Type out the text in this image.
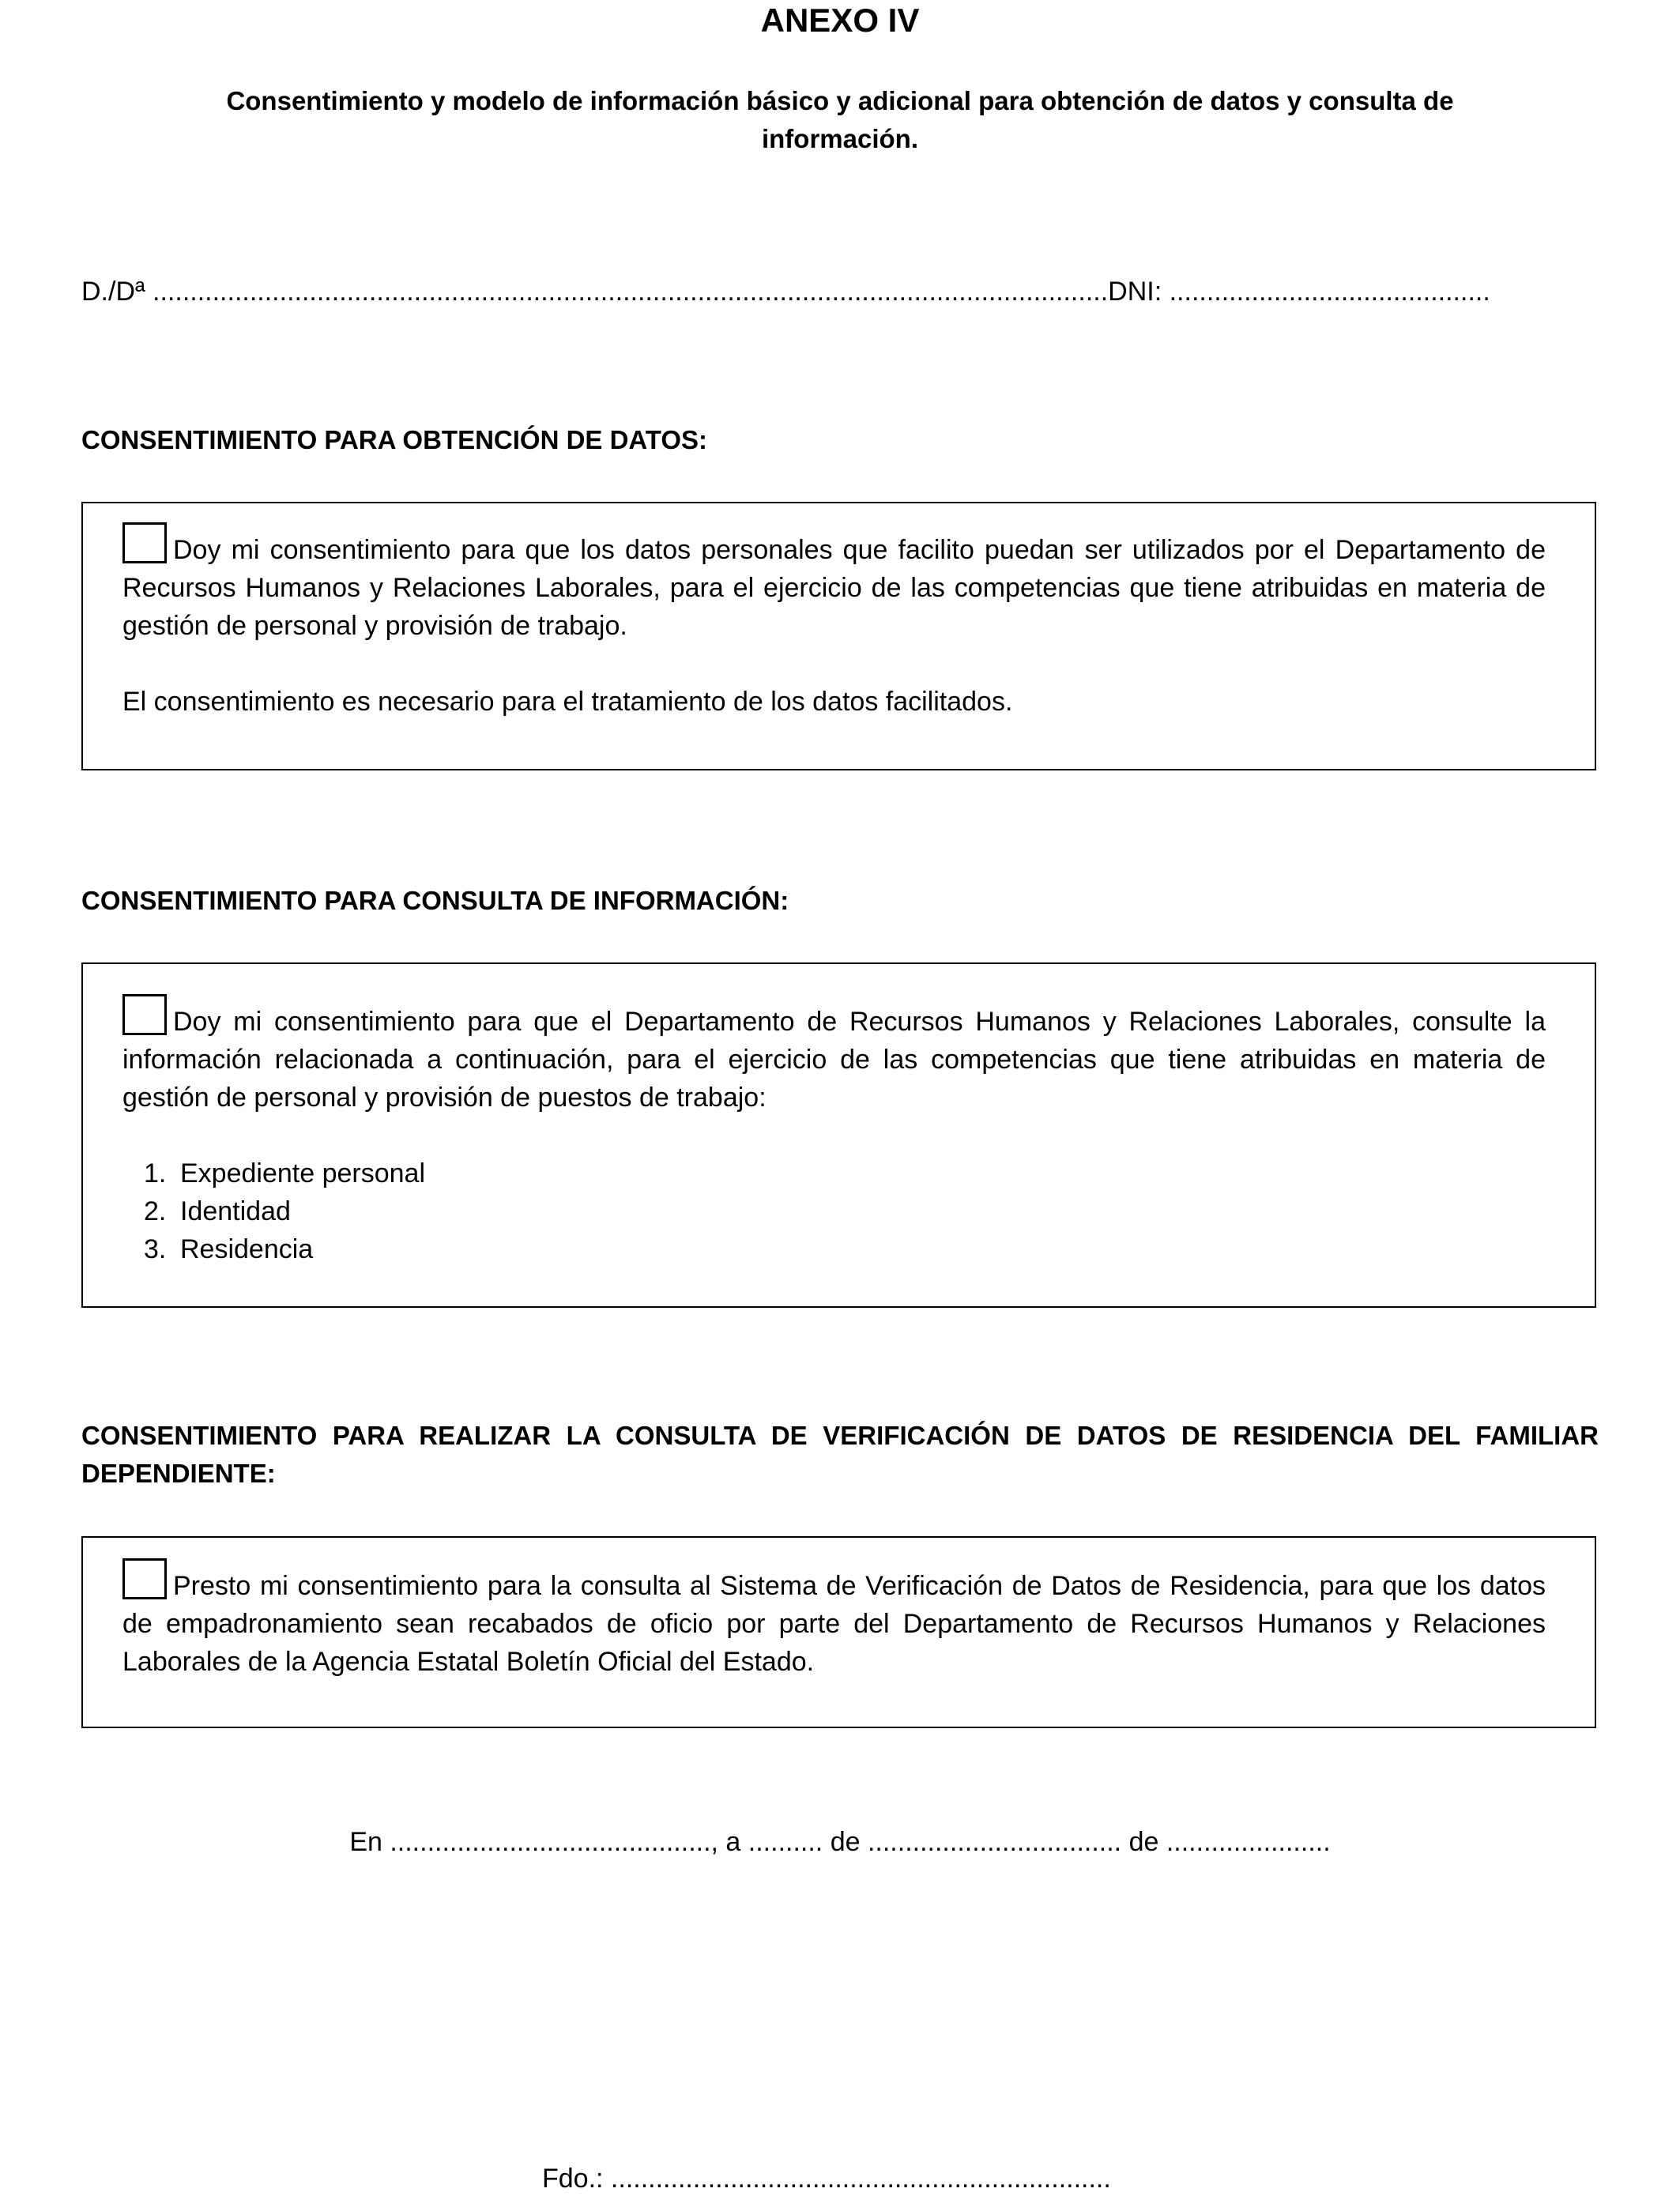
ANEXO IV
Consentimiento y modelo de información básico y adicional para obtención de datos y consulta de información.
D./Dª ................................................................................................................................DNI: ...........................................
CONSENTIMIENTO PARA OBTENCIÓN DE DATOS:

Doy mi consentimiento para que los datos personales que facilito puedan ser utilizados por el Departamento de Recursos Humanos y Relaciones Laborales, para el ejercicio de las competencias que tiene atribuidas en materia de gestión de personal y provisión de trabajo.

El consentimiento es necesario para el tratamiento de los datos facilitados.

CONSENTIMIENTO PARA CONSULTA DE INFORMACIÓN:

Doy mi consentimiento para que el Departamento de Recursos Humanos y Relaciones Laborales, consulte la información relacionada a continuación, para el ejercicio de las competencias que tiene atribuidas en materia de gestión de personal y provisión de puestos de trabajo:

1. Expediente personal
2. Identidad
3. Residencia
CONSENTIMIENTO PARA REALIZAR LA CONSULTA DE VERIFICACIÓN DE DATOS DE RESIDENCIA DEL FAMILIAR DEPENDIENTE:

Presto mi consentimiento para la consulta al Sistema de Verificación de Datos de Residencia, para que los datos de empadronamiento sean recabados de oficio por parte del Departamento de Recursos Humanos y Relaciones Laborales de la Agencia Estatal Boletín Oficial del Estado.

En ..........................................., a .......... de .................................. de ......................
Fdo.: ...................................................................
